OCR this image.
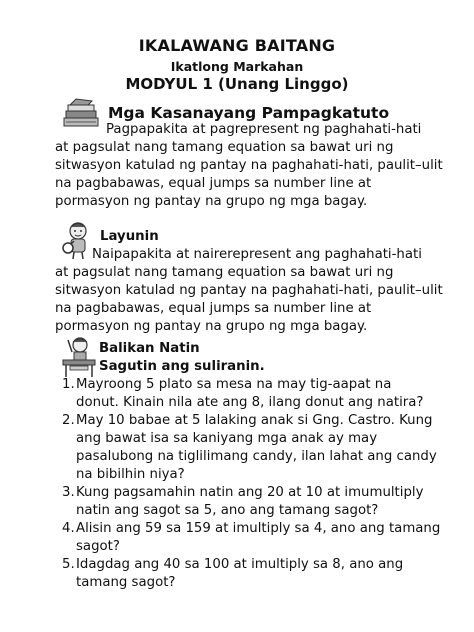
IKALAWANG BAITANG
Ikatlong Markahan
MODYUL 1 (Unang Linggo)
Mga Kasanayang Pampagkatuto
Pagpapakita at pagrepresent ng paghahati-hati
at pagsulat nang tamang equation sa bawat uri ng
sitwasyon katulad ng pantay na paghahati-hati, paulit–ulit
na pagbabawas, equal jumps sa number line at
pormasyon ng pantay na grupo ng mga bagay.
Layunin
Naipapakita at nairerepresent ang paghahati-hati
at pagsulat nang tamang equation sa bawat uri ng
sitwasyon katulad ng pantay na paghahati-hati, paulit–ulit
na pagbabawas, equal jumps sa number line at
pormasyon ng pantay na grupo ng mga bagay.
Balikan Natin
Sagutin ang suliranin.
1. Mayroong 5 plato sa mesa na may tig-aapat na
donut. Kinain nila ate ang 8, ilang donut ang natira?
2. May 10 babae at 5 lalaking anak si Gng. Castro. Kung
ang bawat isa sa kaniyang mga anak ay may
pasalubong na tiglilimang candy, ilan lahat ang candy
na bibilhin niya?
3. Kung pagsamahin natin ang 20 at 10 at imumultiply
natin ang sagot sa 5, ano ang tamang sagot?
4. Alisin ang 59 sa 159 at imultiply sa 4, ano ang tamang
sagot?
5. Idagdag ang 40 sa 100 at imultiply sa 8, ano ang
tamang sagot?
